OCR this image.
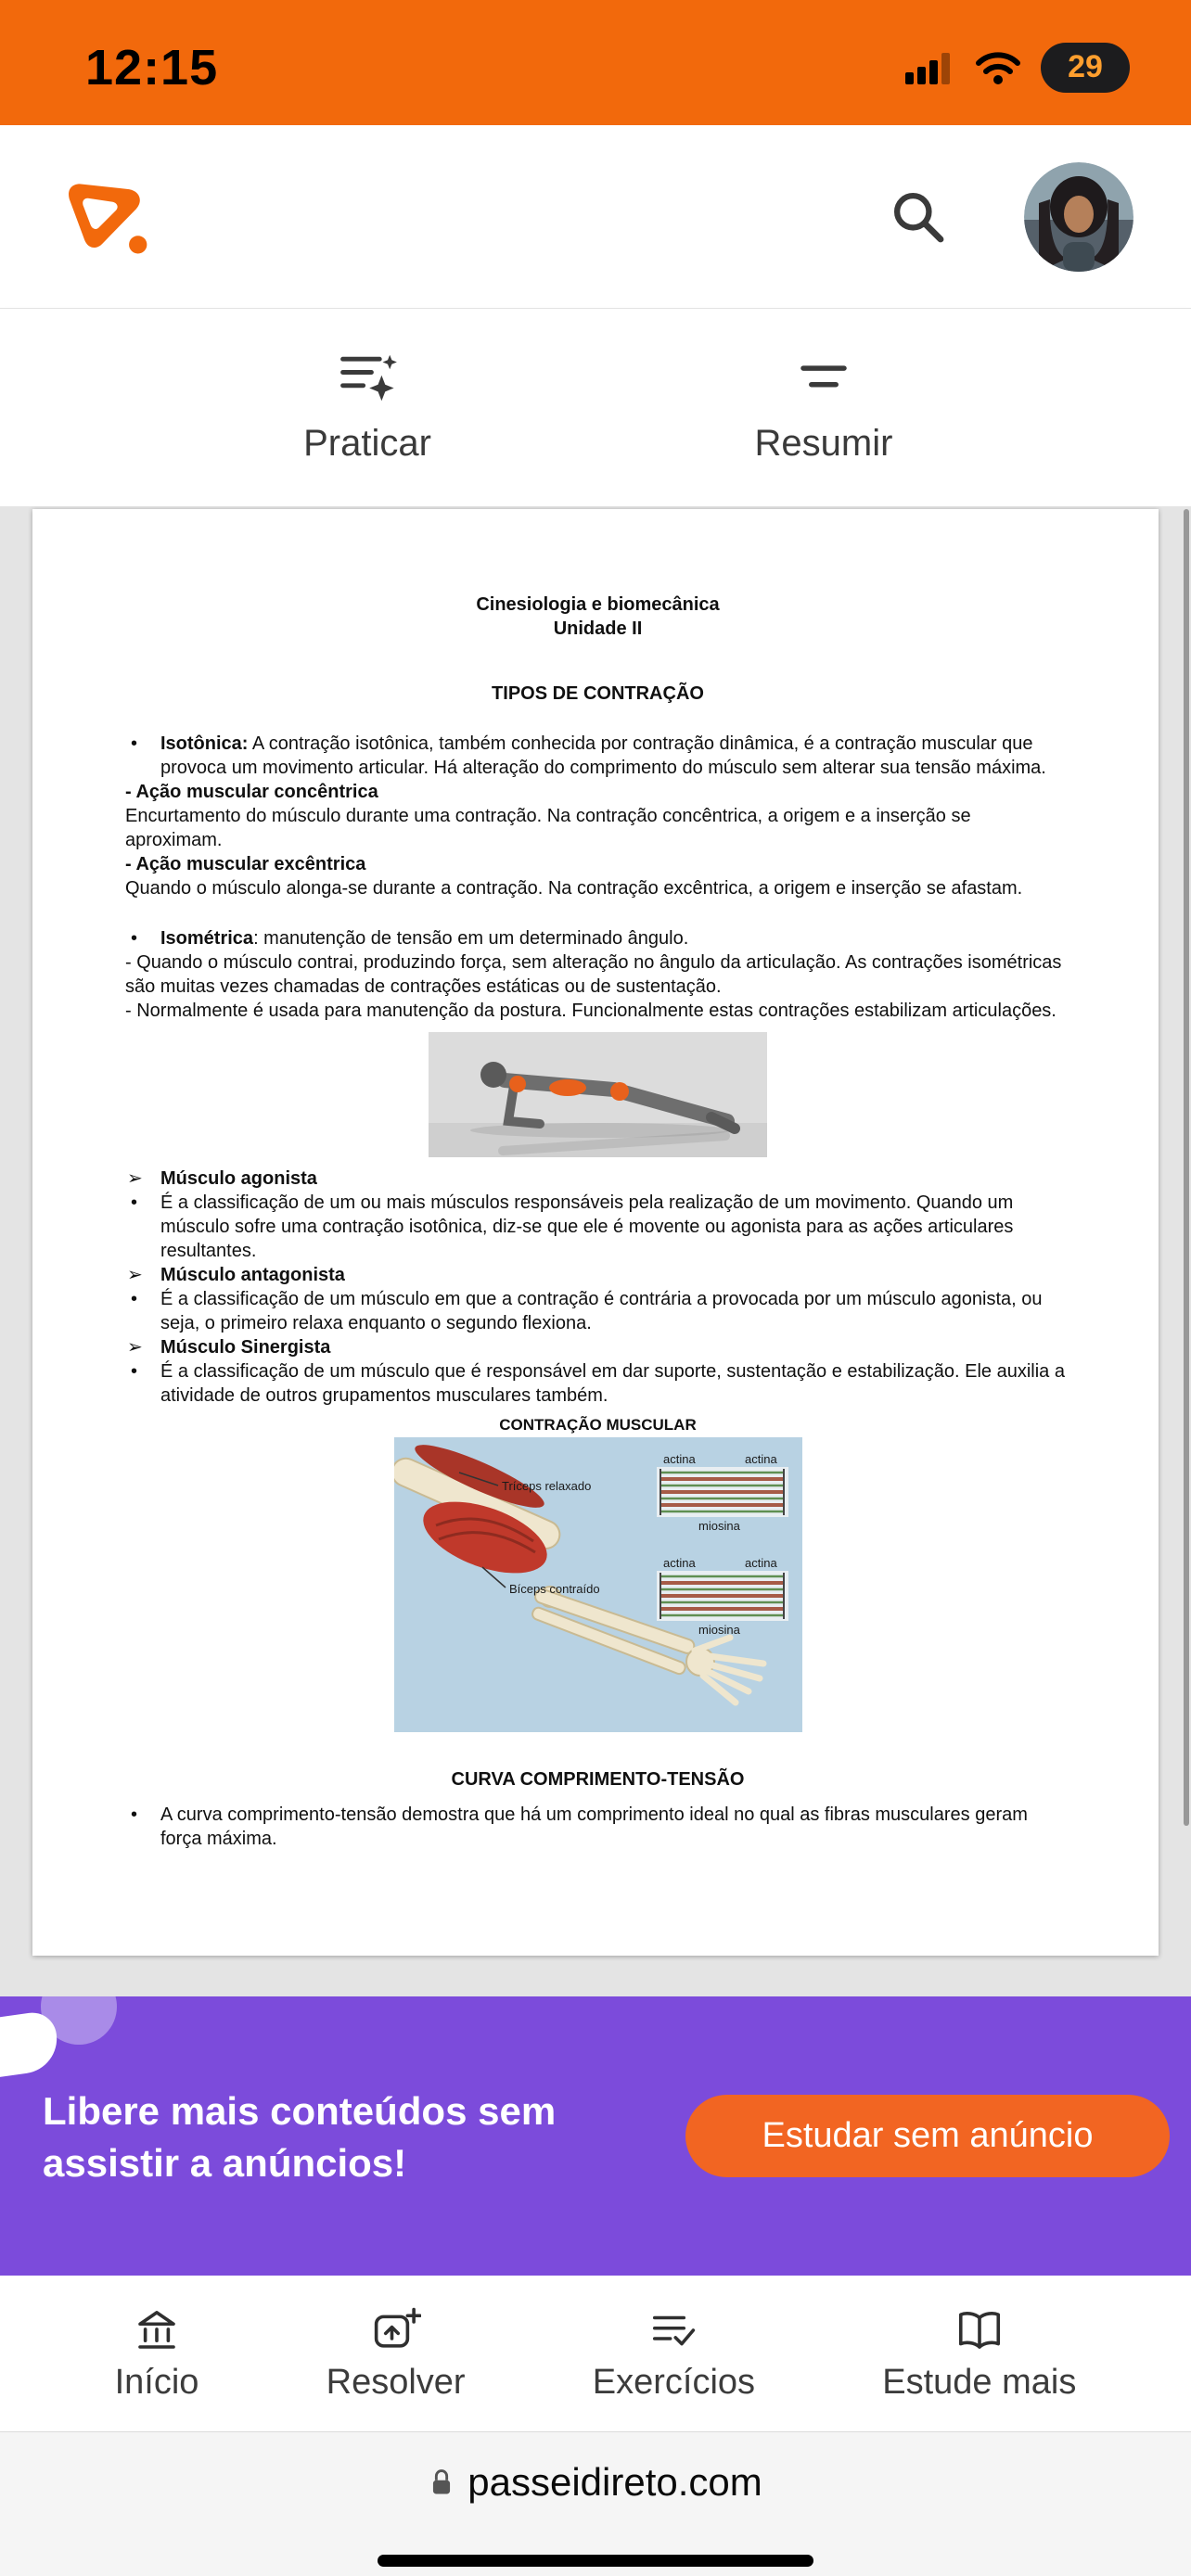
12:15	29
Praticar	Resumir

Cinesiologia e biomecânica

Unidade II

TIPOS DE CONTRAÇÃO

• Isotônica: A contração isotônica, também conhecida por contração dinâmica, é a contração muscular que provoca um movimento articular. Há alteração do comprimento do músculo sem alterar sua tensão máxima.

- Ação muscular concêntrica

Encurtamento do músculo durante uma contração. Na contração concêntrica, a origem e a inserção se aproximam.

- Ação muscular excêntrica

Quando o músculo alonga-se durante a contração. Na contração excêntrica, a origem e inserção se afastam.

• Isométrica: manutenção de tensão em um determinado ângulo.

- Quando o músculo contrai, produzindo força, sem alteração no ângulo da articulação. As contrações isométricas são muitas vezes chamadas de contrações estáticas ou de sustentação.

- Normalmente é usada para manutenção da postura. Funcionalmente estas contrações estabilizam articulações.

➢ Músculo agonista

• É a classificação de um ou mais músculos responsáveis pela realização de um movimento. Quando um músculo sofre uma contração isotônica, diz-se que ele é movente ou agonista para as ações articulares resultantes.

➢ Músculo antagonista

• É a classificação de um músculo em que a contração é contrária a provocada por um músculo agonista, ou seja, o primeiro relaxa enquanto o segundo flexiona.

➢ Músculo Sinergista

• É a classificação de um músculo que é responsável em dar suporte, sustentação e estabilização. Ele auxilia a atividade de outros grupamentos musculares também.

CONTRAÇÃO MUSCULAR
Tríceps relaxado
Bíceps contraído
actina	actina
miosina
actina	actina
miosina

CURVA COMPRIMENTO-TENSÃO

• A curva comprimento-tensão demostra que há um comprimento ideal no qual as fibras musculares geram força máxima.

Libere mais conteúdos sem
assistir a anúncios!
Estudar sem anúncio
Início	Resolver	Exercícios	Estude mais
passeidireto.com
